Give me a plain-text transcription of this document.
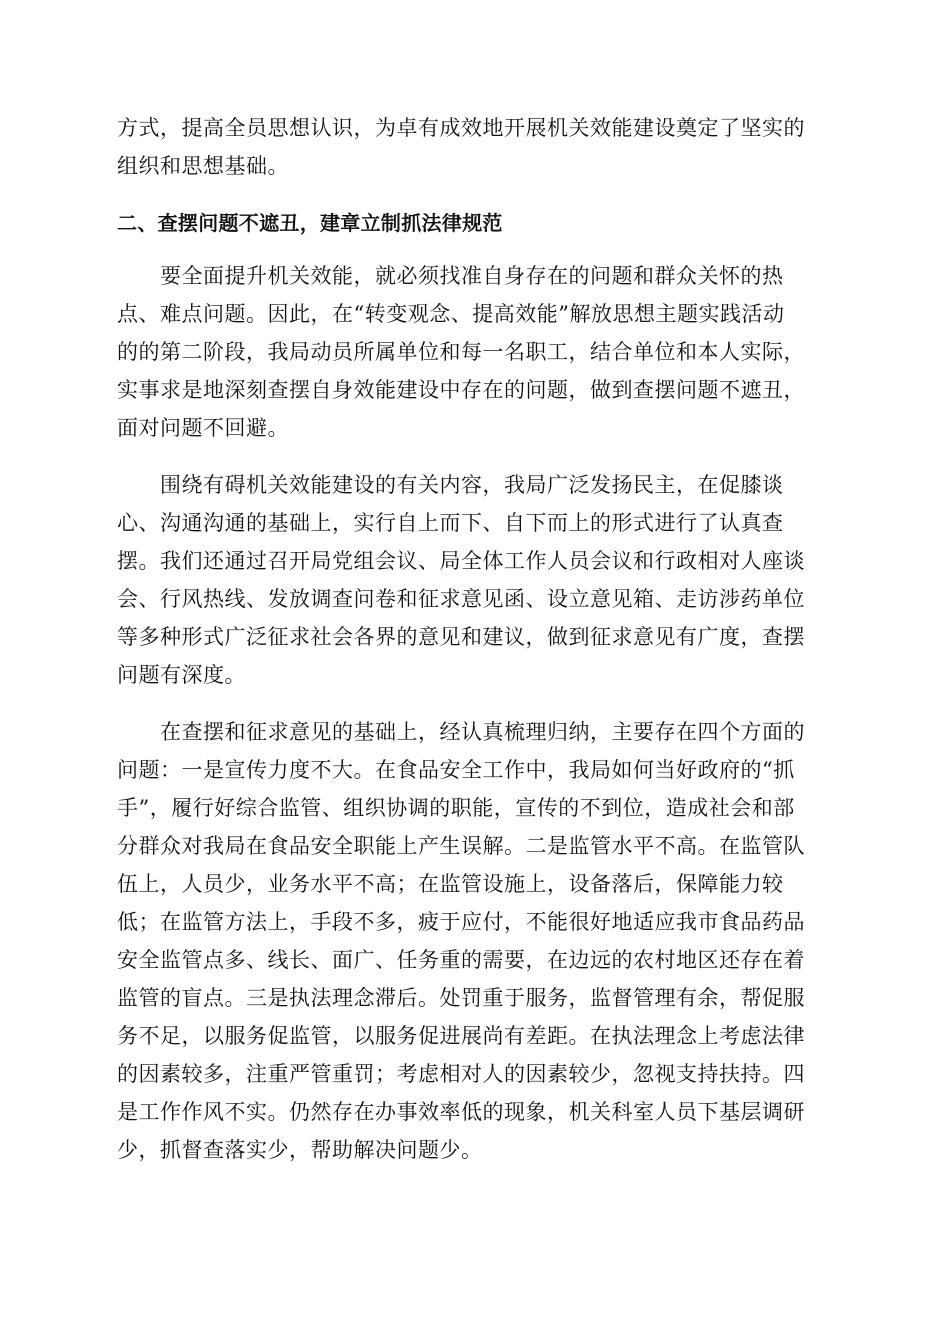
方式，提高全员思想认识，为卓有成效地开展机关效能建设奠定了坚实的
组织和思想基础。
二、查摆问题不遮丑，建章立制抓法律规范
要全面提升机关效能，就必须找准自身存在的问题和群众关怀的热
点、难点问题。因此，在“转变观念、提高效能”解放思想主题实践活动
的的第二阶段，我局动员所属单位和每一名职工，结合单位和本人实际，
实事求是地深刻查摆自身效能建设中存在的问题，做到查摆问题不遮丑，
面对问题不回避。
围绕有碍机关效能建设的有关内容，我局广泛发扬民主，在促膝谈
心、沟通沟通的基础上，实行自上而下、自下而上的形式进行了认真查
摆。我们还通过召开局党组会议、局全体工作人员会议和行政相对人座谈
会、行风热线、发放调查问卷和征求意见函、设立意见箱、走访涉药单位
等多种形式广泛征求社会各界的意见和建议，做到征求意见有广度，查摆
问题有深度。
在查摆和征求意见的基础上，经认真梳理归纳，主要存在四个方面的
问题：一是宣传力度不大。在食品安全工作中，我局如何当好政府的“抓
手”，履行好综合监管、组织协调的职能，宣传的不到位，造成社会和部
分群众对我局在食品安全职能上产生误解。二是监管水平不高。在监管队
伍上，人员少，业务水平不高；在监管设施上，设备落后，保障能力较
低；在监管方法上，手段不多，疲于应付，不能很好地适应我市食品药品
安全监管点多、线长、面广、任务重的需要，在边远的农村地区还存在着
监管的盲点。三是执法理念滞后。处罚重于服务，监督管理有余，帮促服
务不足，以服务促监管，以服务促进展尚有差距。在执法理念上考虑法律
的因素较多，注重严管重罚；考虑相对人的因素较少，忽视支持扶持。四
是工作作风不实。仍然存在办事效率低的现象，机关科室人员下基层调研
少，抓督查落实少，帮助解决问题少。
